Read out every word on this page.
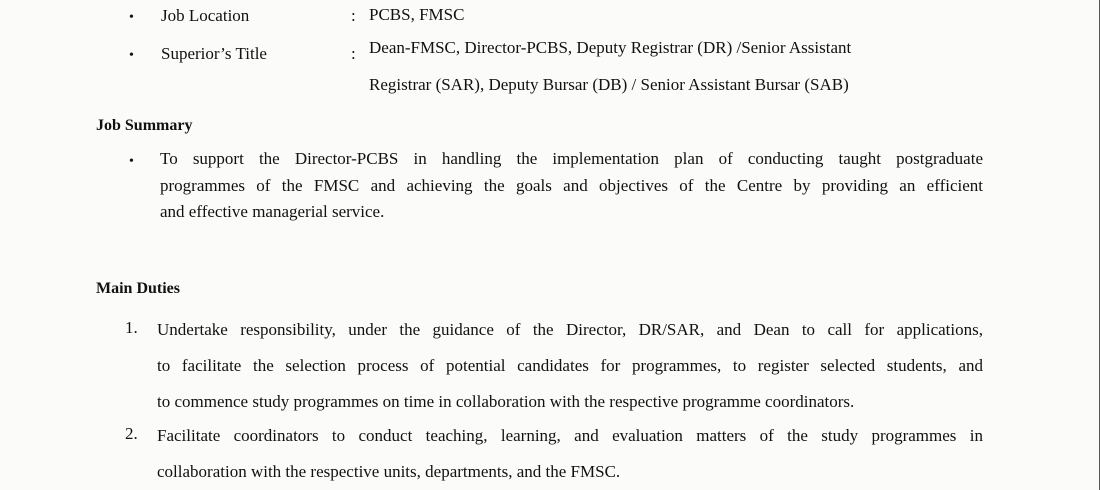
• Job Location	: PCBS, FMSC
• Superior’s Title	: Dean-FMSC, Director-PCBS, Deputy Registrar (DR) /Senior Assistant
Registrar (SAR), Deputy Bursar (DB) / Senior Assistant Bursar (SAB)
Job Summary
• To support the Director-PCBS in handling the implementation plan of conducting taught postgraduate
programmes of the FMSC and achieving the goals and objectives of the Centre by providing an efficient
and effective managerial service.
Main Duties
1. Undertake responsibility, under the guidance of the Director, DR/SAR, and Dean to call for applications,
to facilitate the selection process of potential candidates for programmes, to register selected students, and
to commence study programmes on time in collaboration with the respective programme coordinators.
2. Facilitate coordinators to conduct teaching, learning, and evaluation matters of the study programmes in
collaboration with the respective units, departments, and the FMSC.
